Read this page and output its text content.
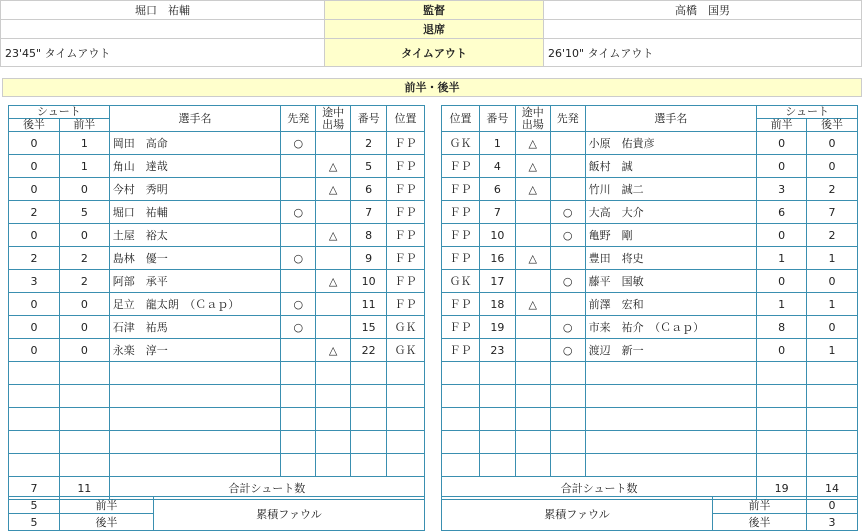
堀口　祐輔	監督	高橋　国男
	退席	
23'45" タイムアウト	タイムアウト	26'10" タイムアウト
前半・後半
シュート		選手名	先発	途中
出場	番号	位置
後半	前半					
0	1	岡田　高命	○		2	ＦＰ
0	1	角山　達哉		△	5	ＦＰ
0	0	今村　秀明		△	6	ＦＰ
2	5	堀口　祐輔	○		7	ＦＰ
0	0	土屋　裕太		△	8	ＦＰ
2	2	島林　優一	○		9	ＦＰ
3	2	阿部　承平		△	10	ＦＰ
0	0	足立　龍太朗　（Ｃａｐ）	○		11	ＦＰ
0	0	石津　祐馬	○		15	ＧＫ
0	0	永楽　淳一		△	22	ＧＫ

7	11	合計シュート数				
位置	番号	途中
出場	先発	選手名	シュート	
					前半	後半
ＧＫ	1	△		小原　佑貴彦	0	0
ＦＰ	4	△		飯村　誠	0	0
ＦＰ	6	△		竹川　誠二	3	2
ＦＰ	7		○	大高　大介	6	7
ＦＰ	10		○	亀野　剛	0	2
ＦＰ	16	△		豊田　将史	1	1
ＧＫ	17		○	藤平　国敏	0	0
ＦＰ	18	△		前澤　宏和	1	1
ＦＰ	19		○	市来　祐介　（Ｃａｐ）	8	0
ＦＰ	23		○	渡辺　新一	0	1

合計シュート数					19	14
5	前半	累積ファウル
5	後半	
累積ファウル	前半	0
	後半	3
